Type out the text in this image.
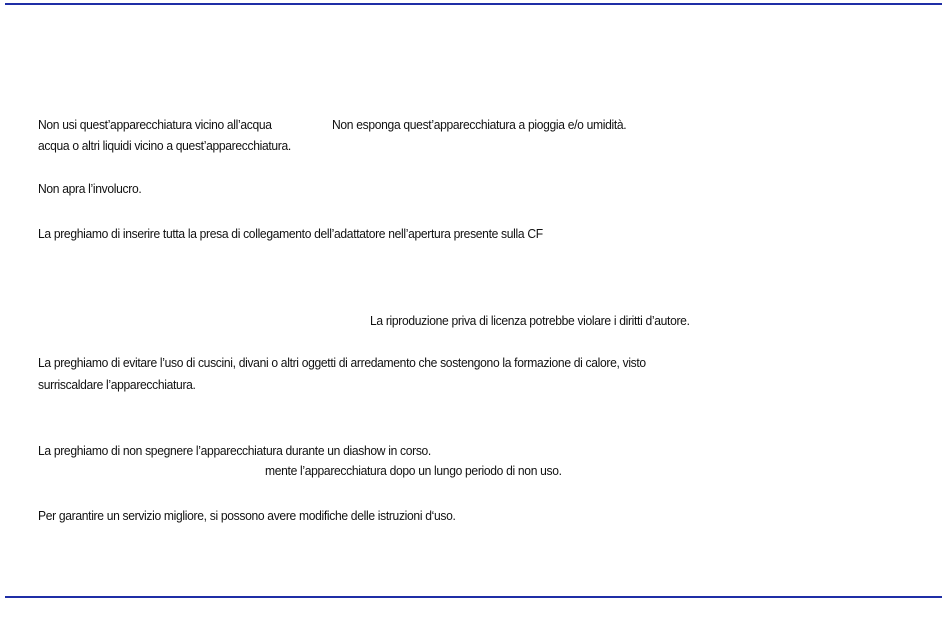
Non usi quest’apparecchiatura vicino all’acqua	Non esponga quest’apparecchiatura a pioggia e/o umidità.
acqua o altri liquidi vicino a quest’apparecchiatura.
Non apra l’involucro.
La preghiamo di inserire tutta la presa di collegamento dell’adattatore nell’apertura presente sulla CF
La riproduzione priva di licenza potrebbe violare i diritti d’autore.
La preghiamo di evitare l’uso di cuscini, divani o altri oggetti di arredamento che sostengono la formazione di calore, visto
surriscaldare l’apparecchiatura.
La preghiamo di non spegnere l’apparecchiatura durante un diashow in corso.
mente l’apparecchiatura dopo un lungo periodo di non uso.
Per garantire un servizio migliore, si possono avere modifiche delle istruzioni d‘uso.
